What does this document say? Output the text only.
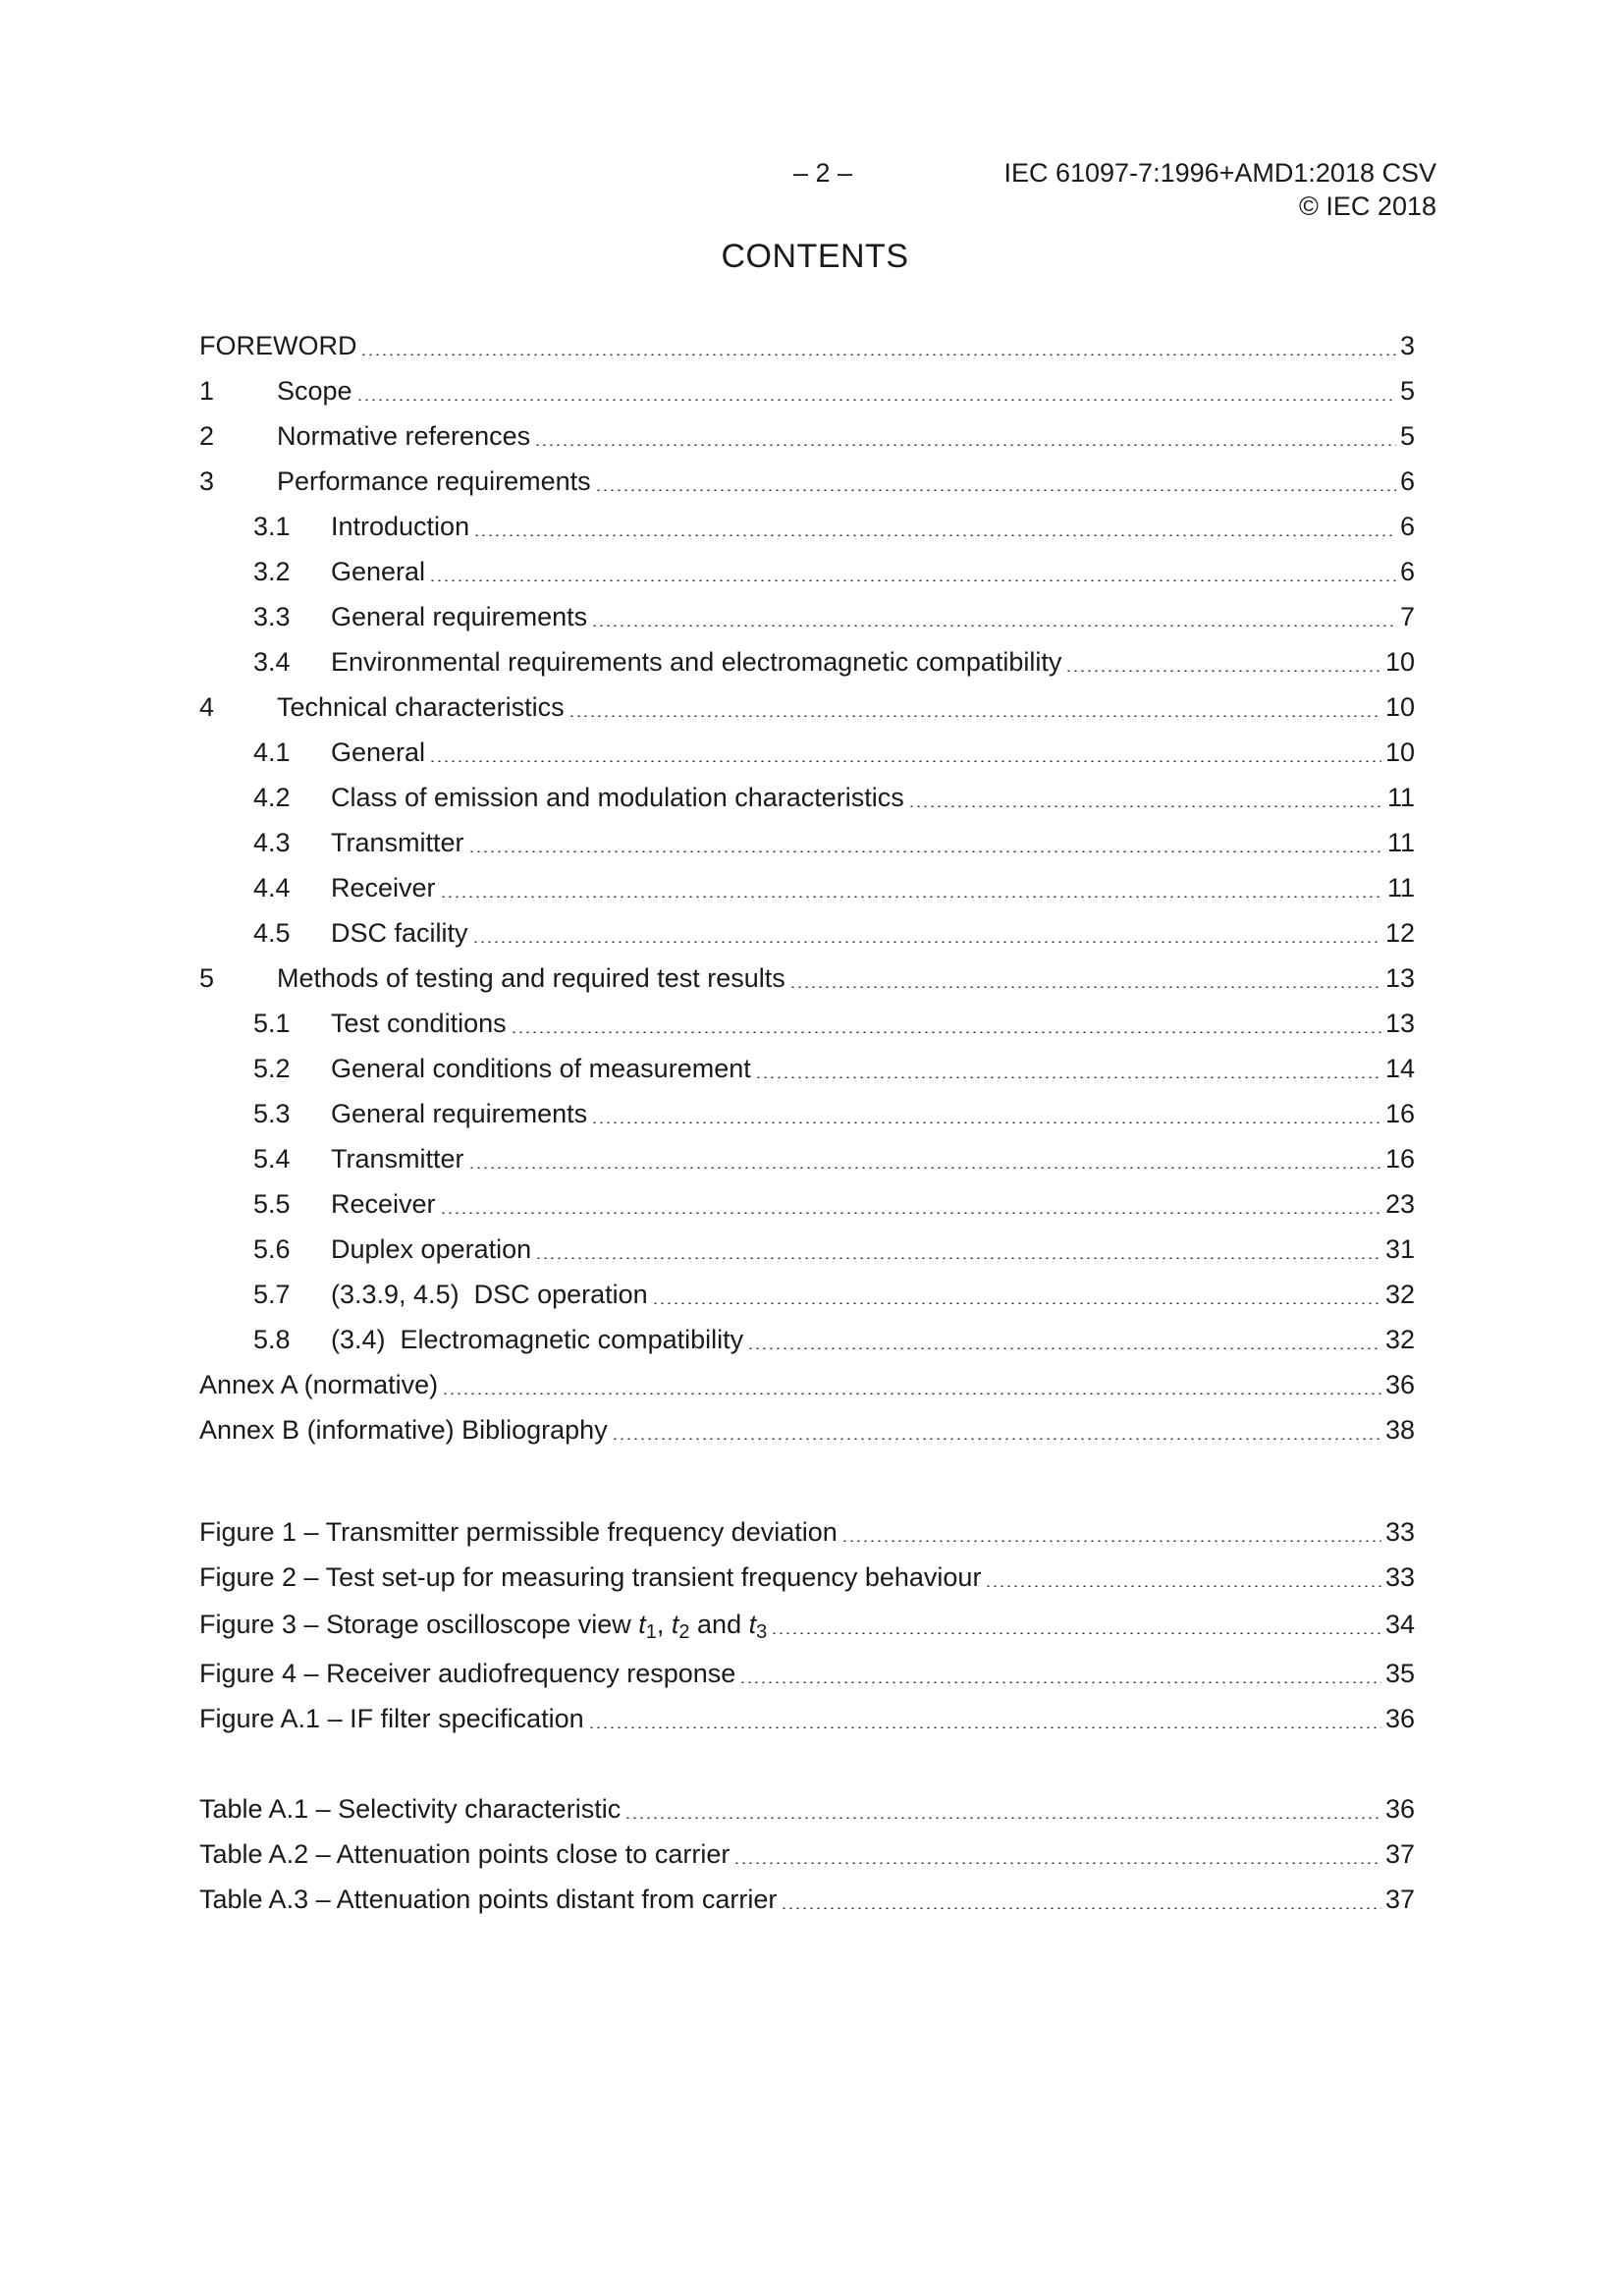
– 2 –	IEC 61097-7:1996+AMD1:2018 CSV
© IEC 2018
CONTENTS
FOREWORD	3
1	Scope	5
2	Normative references	5
3	Performance requirements	6
3.1	Introduction	6
3.2	General	6
3.3	General requirements	7
3.4	Environmental requirements and electromagnetic compatibility	10
4	Technical characteristics	10
4.1	General	10
4.2	Class of emission and modulation characteristics	11
4.3	Transmitter	11
4.4	Receiver	11
4.5	DSC facility	12
5	Methods of testing and required test results	13
5.1	Test conditions	13
5.2	General conditions of measurement	14
5.3	General requirements	16
5.4	Transmitter	16
5.5	Receiver	23
5.6	Duplex operation	31
5.7	(3.3.9, 4.5)  DSC operation	32
5.8	(3.4)  Electromagnetic compatibility	32
Annex A (normative)	36
Annex B (informative) Bibliography	38
Figure 1 – Transmitter permissible frequency deviation	33
Figure 2 – Test set-up for measuring transient frequency behaviour	33
Figure 3 – Storage oscilloscope view $t_1$, $t_2$ and $t_3$	34
Figure 4 – Receiver audiofrequency response	35
Figure A.1 – IF filter specification	36
Table A.1 – Selectivity characteristic	36
Table A.2 – Attenuation points close to carrier	37
Table A.3 – Attenuation points distant from carrier	37
